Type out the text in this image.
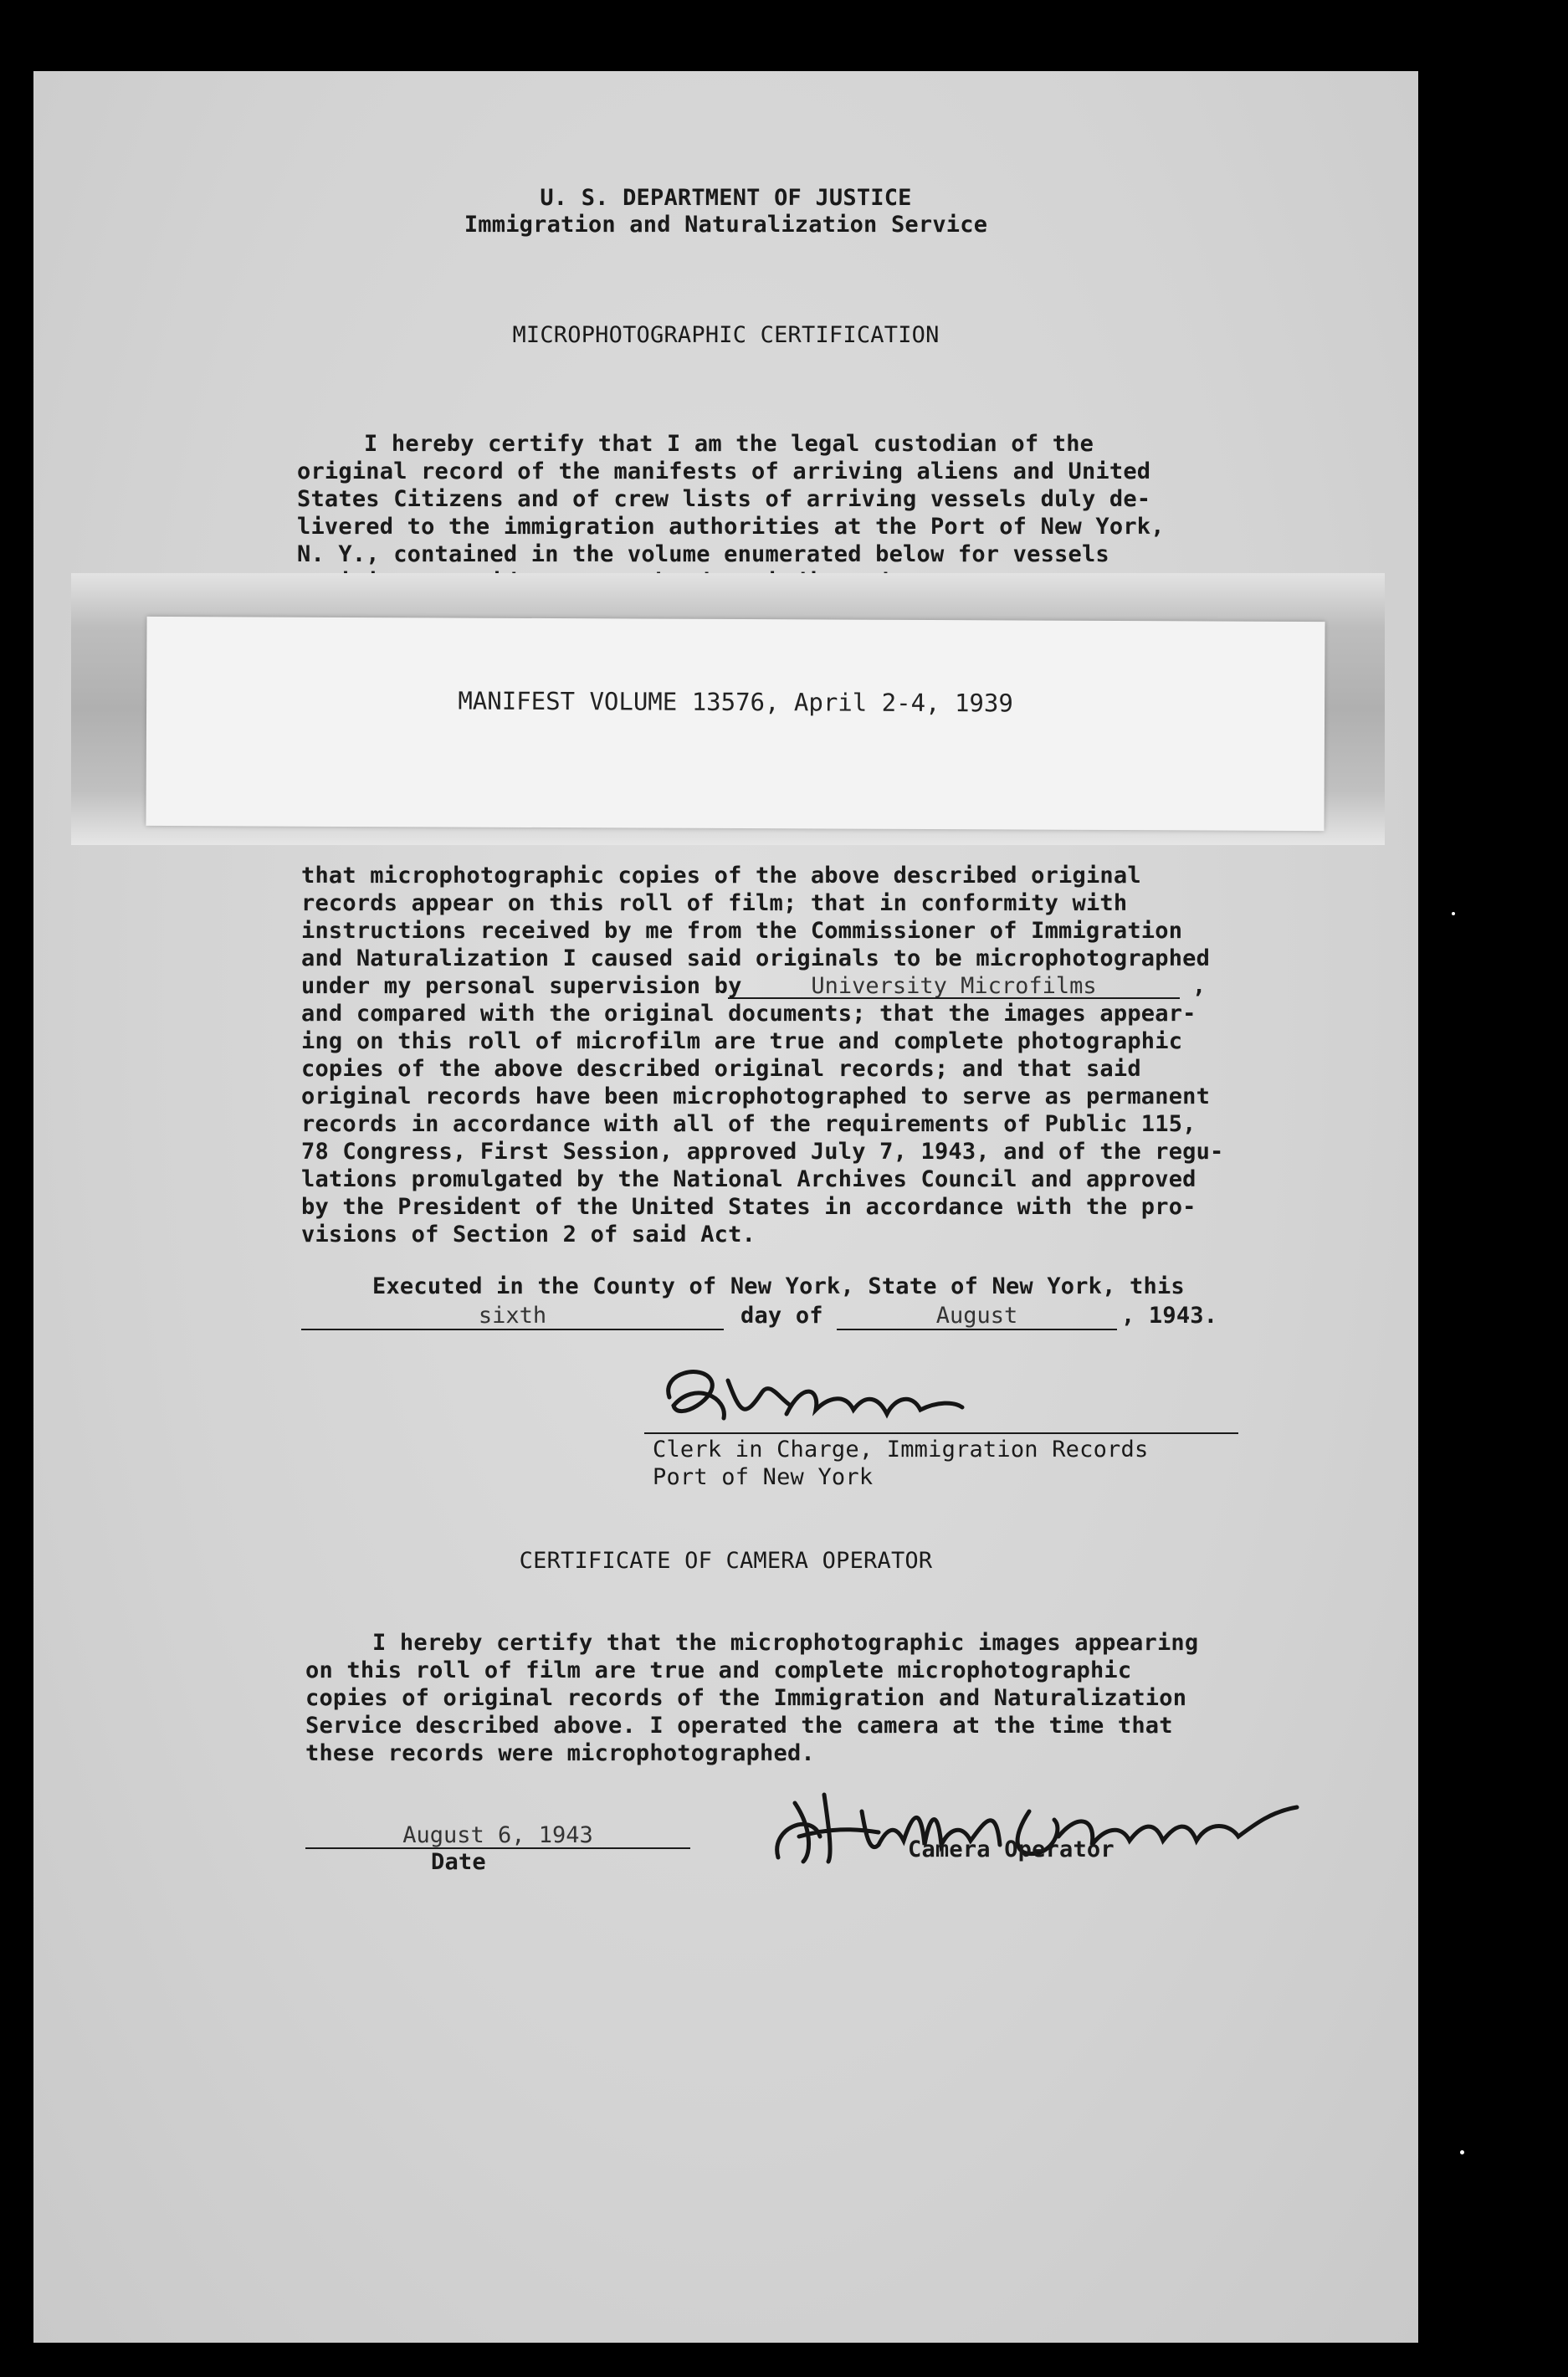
U. S. DEPARTMENT OF JUSTICE
Immigration and Naturalization Service
MICROPHOTOGRAPHIC CERTIFICATION
I hereby certify that I am the legal custodian of the
original record of the manifests of arriving aliens and United
States Citizens and of crew lists of arriving vessels duly de-
livered to the immigration authorities at the Port of New York,
N. Y., contained in the volume enumerated below for vessels
MANIFEST VOLUME 13576, April 2-4, 1939
that microphotographic copies of the above described original
records appear on this roll of film; that in conformity with
instructions received by me from the Commissioner of Immigration
and Naturalization I caused said originals to be microphotographed
under my personal supervision by	University Microfilms	,
and compared with the original documents; that the images appear-
ing on this roll of microfilm are true and complete photographic
copies of the above described original records; and that said
original records have been microphotographed to serve as permanent
records in accordance with all of the requirements of Public 115,
78 Congress, First Session, approved July 7, 1943, and of the regu-
lations promulgated by the National Archives Council and approved
by the President of the United States in accordance with the pro-
visions of Section 2 of said Act.
Executed in the County of New York, State of New York, this
sixth	day of	August	, 1943.
Clerk in Charge, Immigration Records
Port of New York
CERTIFICATE OF CAMERA OPERATOR
I hereby certify that the microphotographic images appearing
on this roll of film are true and complete microphotographic
copies of original records of the Immigration and Naturalization
Service described above. I operated the camera at the time that
these records were microphotographed.
August 6, 1943
Date	Camera Operator
